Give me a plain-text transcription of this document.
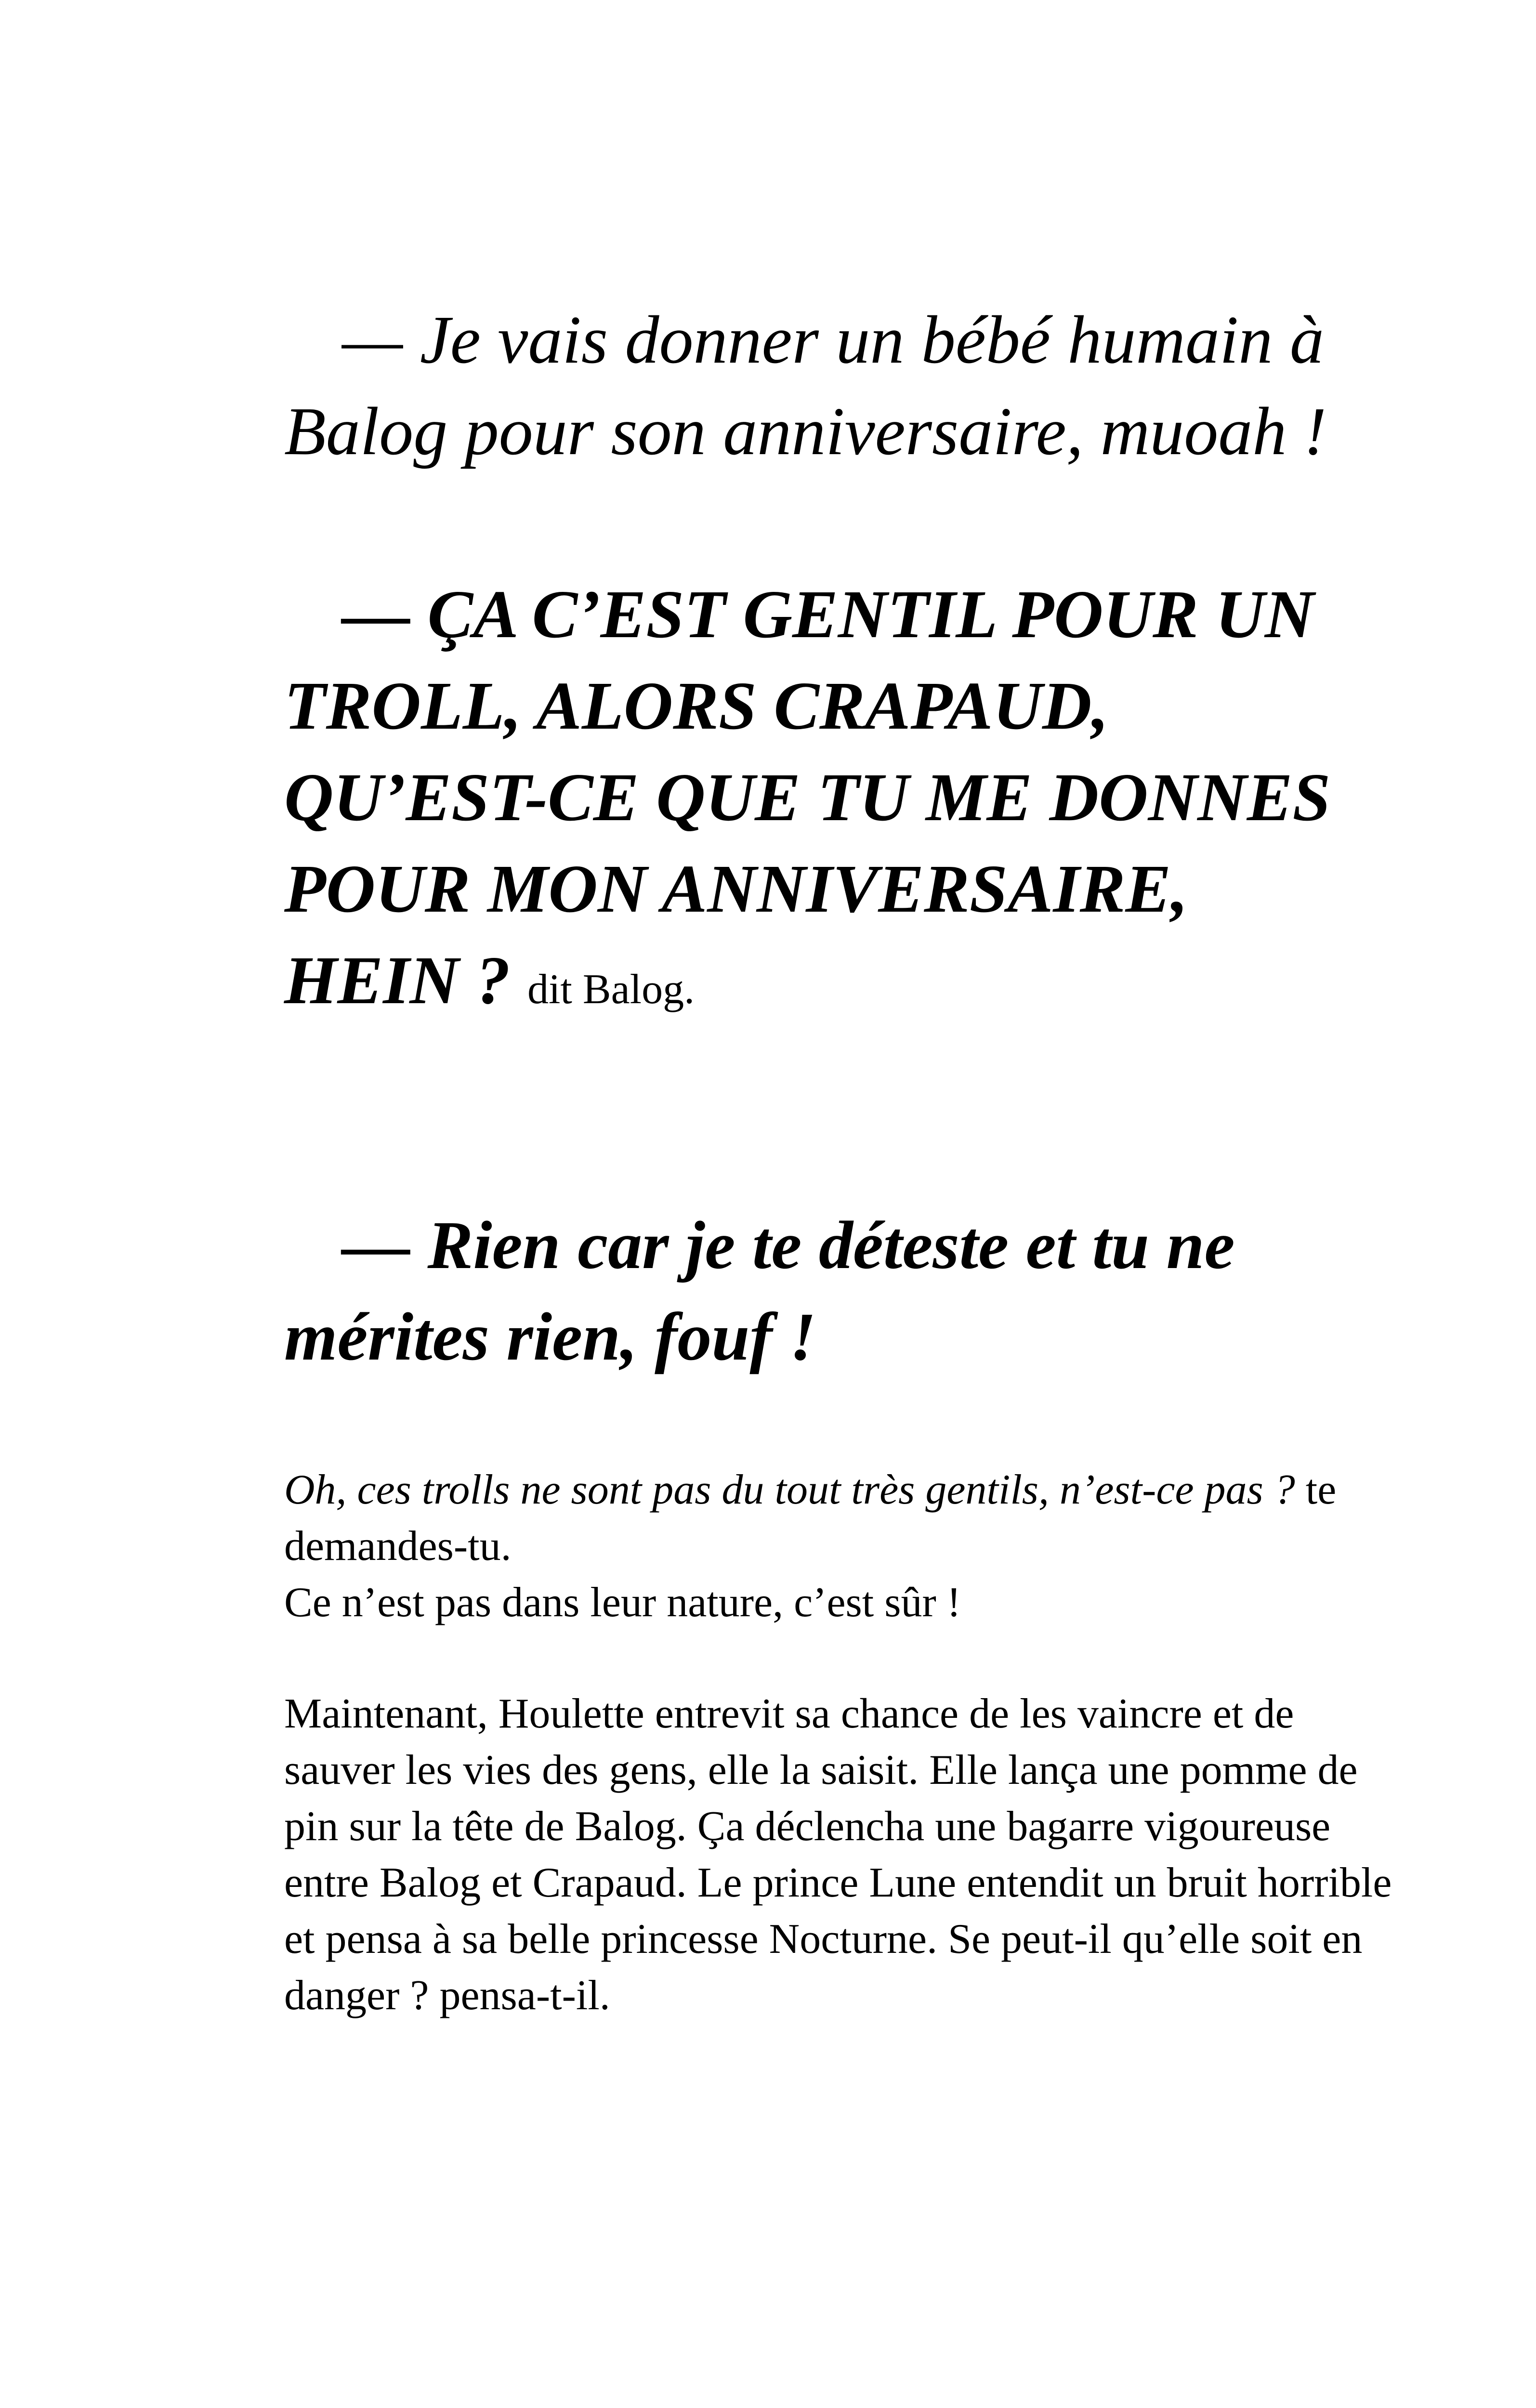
— Je vais donner un bébé humain à Balog pour son anniversaire, muoah !

— ÇA C’EST GENTIL POUR UN TROLL, ALORS CRAPAUD, QU’EST-CE QUE TU ME DONNES POUR MON ANNIVERSAIRE, HEIN ? dit Balog.

— Rien car je te déteste et tu ne mérites rien, fouf !

Oh, ces trolls ne sont pas du tout très gentils, n’est-ce pas ? te demandes-tu.

Ce n’est pas dans leur nature, c’est sûr !

Maintenant, Houlette entrevit sa chance de les vaincre et de sauver les vies des gens, elle la saisit. Elle lança une pomme de pin sur la tête de Balog. Ça déclencha une bagarre vigoureuse entre Balog et Crapaud. Le prince Lune entendit un bruit horrible et pensa à sa belle princesse Nocturne. Se peut-il qu’elle soit en danger ? pensa-t-il.
